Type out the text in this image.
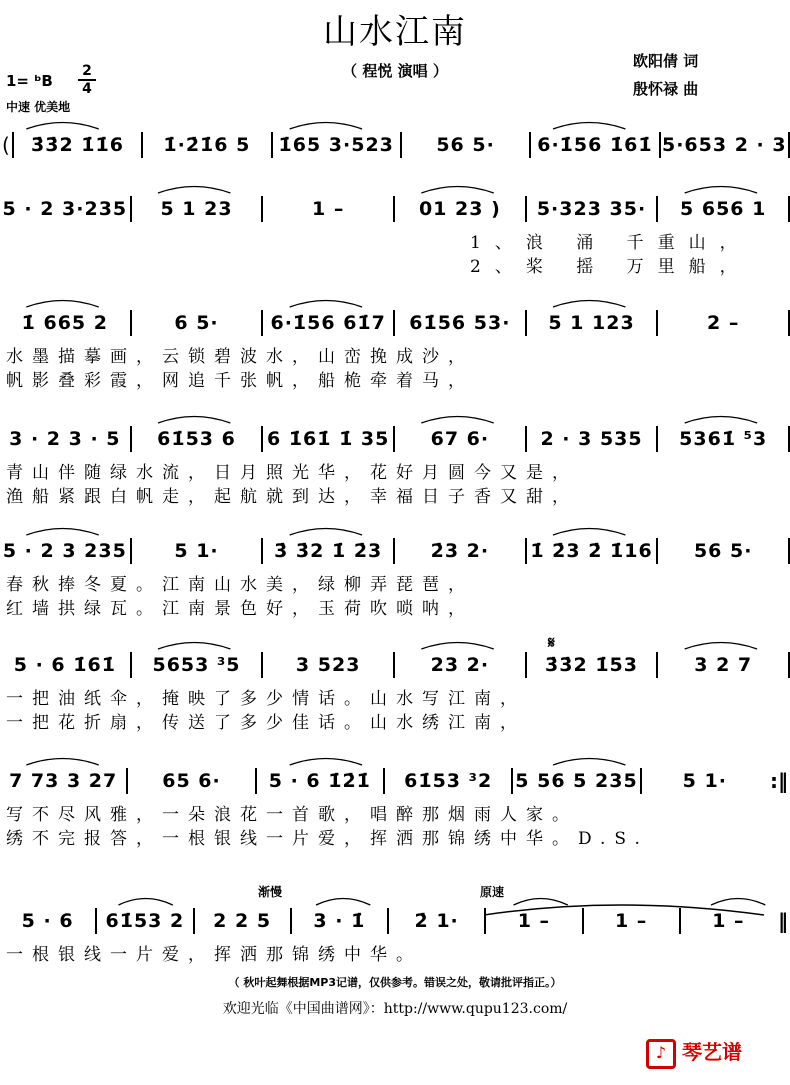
山水江南
（ 程悦 演唱 ）
欧阳倩 词
殷怀禄 曲
1= ᵇB
2
4
中速 优美地
(	3̇3̇2 1̇1̇6	1̇·2̇1̇6 5	1̇65 3·523	56 5·	6·1̇56 1̇61̇ 5·653 2 · 3
5 · 2 3·235	5 1 23	1 –	01 23 )	5·323 35·	5 656 1
1、浪 涌 千重山，
2、桨 摇 万里船，
1̇ 665 2	6 5·	6·1̇56 61̇7	61̇56 53·	5 1 123	2 –
水墨描摹画，云锁碧波水，山峦挽成沙，
帆影叠彩霞，网追千张帆，船桅牵着马，
3 · 2 3 · 5	61̇53 6	6 1̇61̇ 1̇ 35	67 6·	2 · 3 535	5361̇ ⁵3
青山伴随绿水流，日月照光华，花好月圆今又是，
渔船紧跟白帆走，起航就到达，幸福日子香又甜，
5 · 2 3 235	5 1·	3̇ 3̇2 1̇ 2̇3	2̇3 2·	1̇ 2̇3 2̇ 1̇16	56 5·
春秋捧冬夏。江南山水美，绿柳弄琵琶，
红墙拱绿瓦。江南景色好，玉荷吹唢呐，
5 · 6 1̇61̇	5653 ³5	3 523	23 2·	3̇3̇2 1̇53	3 2 7
一把油纸伞，掩映了多少情话。山水写江南，
一把花折扇，传送了多少佳话。山水绣江南，
7 73 3 27	65 6·	5 · 6 1̇2̇1̇	61̇53 ³2	5 56 5 235	5 1·	:‖
写不尽风雅，一朵浪花一首歌，唱醉那烟雨人家。
绣不完报答，一根银线一片爱，挥洒那锦绣中华。D.S.
5 · 6	61̇53 2	2 2 5	3 · 1̇	2̇ 1·	1 –	1 –	1 –	‖
一根银线一片爱，挥洒那锦绣中华。
𝄋
渐慢	原速
（ 秋叶起舞根据MP3记谱，仅供参考。错误之处，敬请批评指正。）
欢迎光临《中国曲谱网》：http://www.qupu123.com/
♪ 琴艺谱
